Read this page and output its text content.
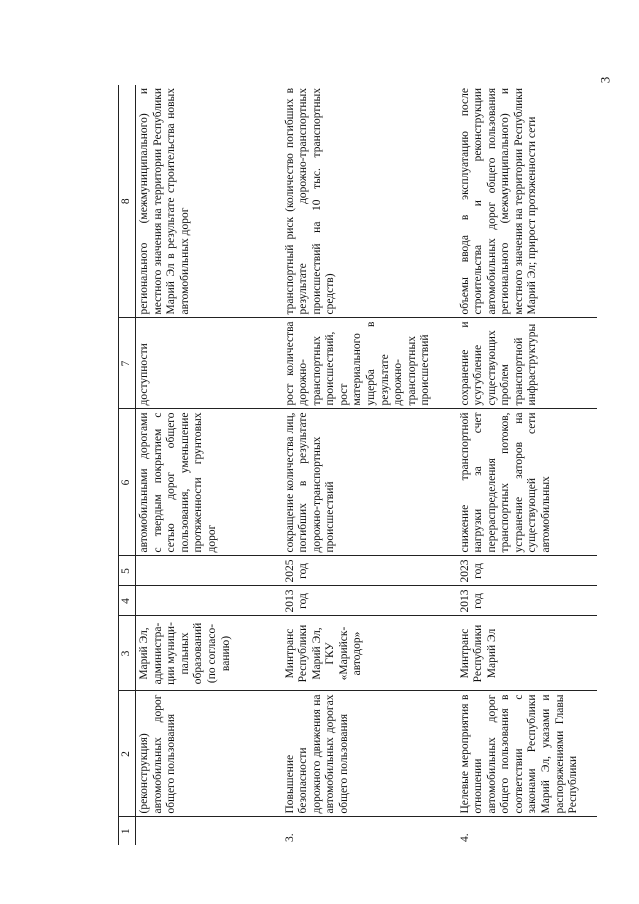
3
1	2	3	4	5	6	7	8
	(реконструкция) автомобильных дорог общего пользования	Марий Эл, администра-ции муници-пальных образований (по согласо-ванию)			автомобильными дорогами с твердым покрытием с сетью дорог общего пользования, уменьшение протяженности грунтовых дорог	доступности	регионального (межмуниципального) и местного значения на территории Республики Марий Эл в результате строительства новых автомобильных дорог
3.	Повышение безопасности дорожного движения на автомобильных дорогах общего пользования	Минтранс Республики Марий Эл, ГКУ «Марийск-автодор»	2013 год	2025 год	сокращение количества лиц, погибших в результате дорожно-транспортных происшествий	рост количества дорожно-транспортных происшествий, рост материального ущерба в результате дорожно-транспортных происшествий	транспортный риск (количество погибших в результате дорожно-транспортных происшествий на 10 тыс. транспортных средств)
4.	Целевые мероприятия в отношении автомобильных дорог общего пользования в соответствии с законами Республики Марий Эл, указами и распоряжениями Главы Республики	Минтранс Республики Марий Эл	2013 год	2023 год	снижение транспортной нагрузки за счет перераспределения транспортных потоков, устранение заторов на существующей сети автомобильных	сохранение и усугубление существующих проблем транспортной инфраструктуры	объемы ввода в эксплуатацию после строительства и реконструкции автомобильных дорог общего пользования регионального (межмуниципального) и местного значения на территории Республики Марий Эл; прирост протяженности сети
